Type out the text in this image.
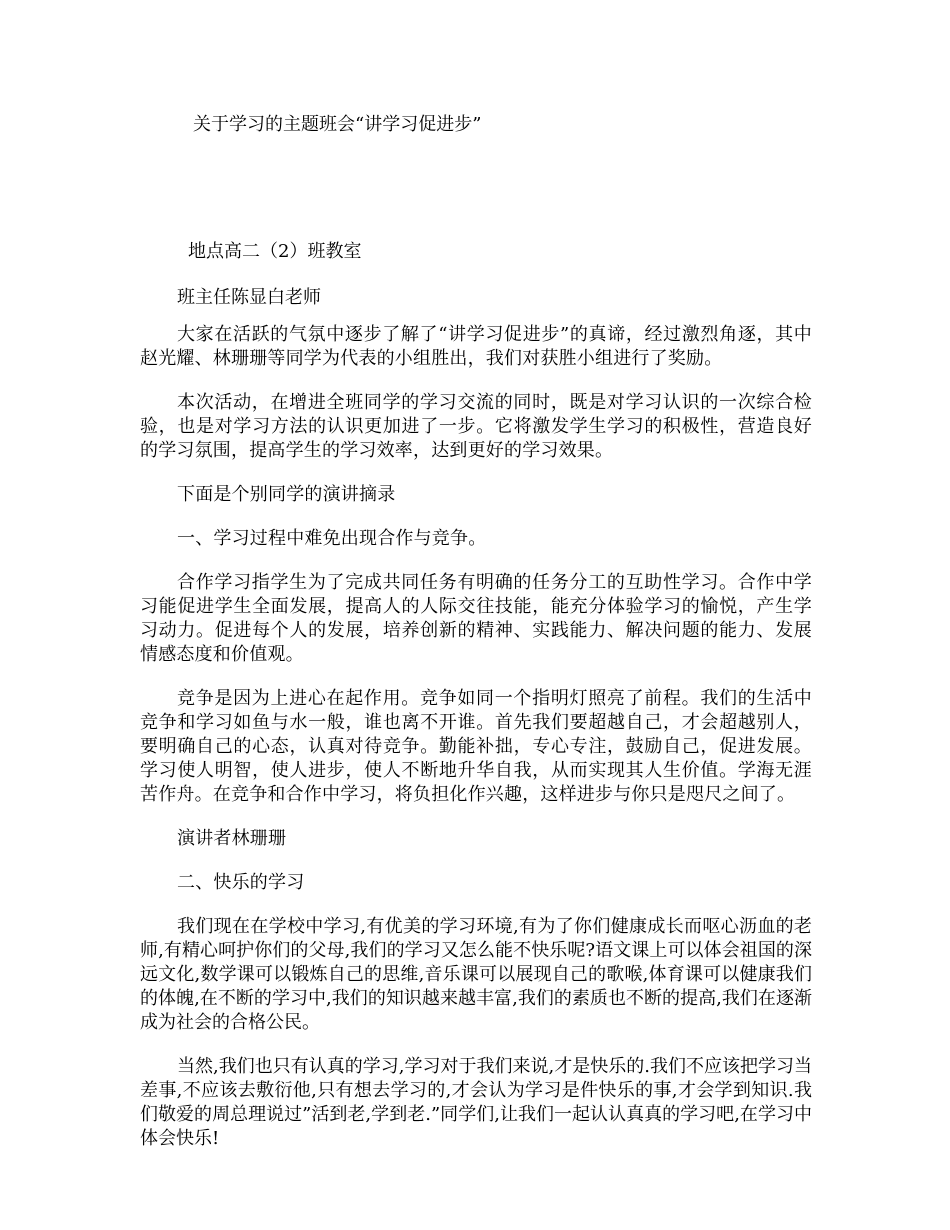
关于学习的主题班会“讲学习促进步”
地点高二（2）班教室
班主任陈显白老师

大家在活跃的气氛中逐步了解了“讲学习促进步”的真谛，经过激烈角逐，其中赵光耀、林珊珊等同学为代表的小组胜出，我们对获胜小组进行了奖励。

本次活动，在增进全班同学的学习交流的同时，既是对学习认识的一次综合检验，也是对学习方法的认识更加进了一步。它将激发学生学习的积极性，营造良好的学习氛围，提高学生的学习效率，达到更好的学习效果。

下面是个别同学的演讲摘录

一、学习过程中难免出现合作与竞争。

合作学习指学生为了完成共同任务有明确的任务分工的互助性学习。合作中学习能促进学生全面发展，提高人的人际交往技能，能充分体验学习的愉悦，产生学习动力。促进每个人的发展，培养创新的精神、实践能力、解决问题的能力、发展情感态度和价值观。

竞争是因为上进心在起作用。竞争如同一个指明灯照亮了前程。我们的生活中竞争和学习如鱼与水一般，谁也离不开谁。首先我们要超越自己，才会超越别人，要明确自己的心态，认真对待竞争。勤能补拙，专心专注，鼓励自己，促进发展。学习使人明智，使人进步，使人不断地升华自我，从而实现其人生价值。学海无涯苦作舟。在竞争和合作中学习，将负担化作兴趣，这样进步与你只是咫尺之间了。

演讲者林珊珊

二、快乐的学习

我们现在在学校中学习,有优美的学习环境,有为了你们健康成长而呕心沥血的老师,有精心呵护你们的父母,我们的学习又怎么能不快乐呢?语文课上可以体会祖国的深远文化,数学课可以锻炼自己的思维,音乐课可以展现自己的歌喉,体育课可以健康我们的体魄,在不断的学习中,我们的知识越来越丰富,我们的素质也不断的提高,我们在逐渐成为社会的合格公民。

当然,我们也只有认真的学习,学习对于我们来说,才是快乐的.我们不应该把学习当差事,不应该去敷衍他,只有想去学习的,才会认为学习是件快乐的事,才会学到知识.我们敬爱的周总理说过”活到老,学到老.”同学们,让我们一起认认真真的学习吧,在学习中体会快乐!
